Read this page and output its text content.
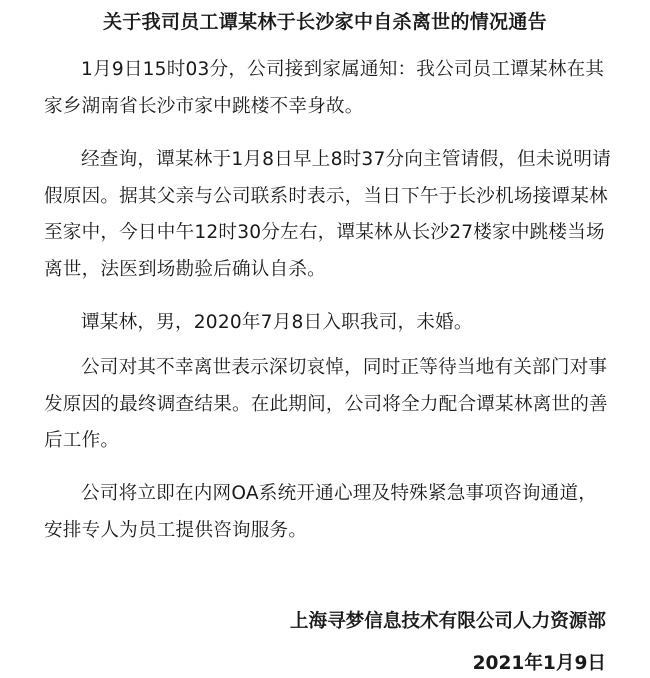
关于我司员工谭某林于长沙家中自杀离世的情况通告

1月9日15时03分，公司接到家属通知：我公司员工谭某林在其家乡湖南省长沙市家中跳楼不幸身故。

经查询，谭某林于1月8日早上8时37分向主管请假，但未说明请假原因。据其父亲与公司联系时表示，当日下午于长沙机场接谭某林至家中，今日中午12时30分左右，谭某林从长沙27楼家中跳楼当场离世，法医到场勘验后确认自杀。

谭某林，男，2020年7月8日入职我司，未婚。

公司对其不幸离世表示深切哀悼，同时正等待当地有关部门对事发原因的最终调查结果。在此期间，公司将全力配合谭某林离世的善后工作。

公司将立即在内网OA系统开通心理及特殊紧急事项咨询通道，安排专人为员工提供咨询服务。

上海寻梦信息技术有限公司人力资源部
2021年1月9日
